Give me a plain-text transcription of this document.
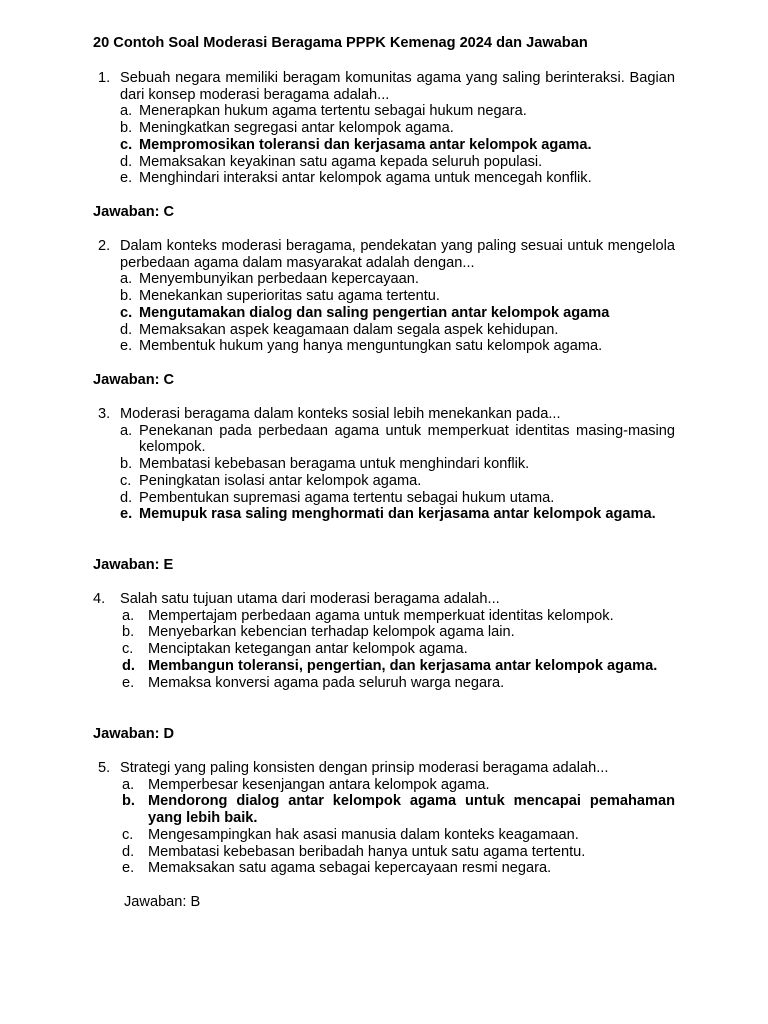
20 Contoh Soal Moderasi Beragama PPPK Kemenag 2024 dan Jawaban
1. Sebuah negara memiliki beragam komunitas agama yang saling berinteraksi. Bagian dari konsep moderasi beragama adalah...
a. Menerapkan hukum agama tertentu sebagai hukum negara.
b. Meningkatkan segregasi antar kelompok agama.
c. Mempromosikan toleransi dan kerjasama antar kelompok agama.
d. Memaksakan keyakinan satu agama kepada seluruh populasi.
e. Menghindari interaksi antar kelompok agama untuk mencegah konflik.
Jawaban: C
2. Dalam konteks moderasi beragama, pendekatan yang paling sesuai untuk mengelola perbedaan agama dalam masyarakat adalah dengan...
a. Menyembunyikan perbedaan kepercayaan.
b. Menekankan superioritas satu agama tertentu.
c. Mengutamakan dialog dan saling pengertian antar kelompok agama
d. Memaksakan aspek keagamaan dalam segala aspek kehidupan.
e. Membentuk hukum yang hanya menguntungkan satu kelompok agama.
Jawaban: C
3. Moderasi beragama dalam konteks sosial lebih menekankan pada...
a. Penekanan pada perbedaan agama untuk memperkuat identitas masing-masing kelompok.
b. Membatasi kebebasan beragama untuk menghindari konflik.
c. Peningkatan isolasi antar kelompok agama.
d. Pembentukan supremasi agama tertentu sebagai hukum utama.
e. Memupuk rasa saling menghormati dan kerjasama antar kelompok agama.
Jawaban: E
4. Salah satu tujuan utama dari moderasi beragama adalah...
a. Mempertajam perbedaan agama untuk memperkuat identitas kelompok.
b. Menyebarkan kebencian terhadap kelompok agama lain.
c. Menciptakan ketegangan antar kelompok agama.
d. Membangun toleransi, pengertian, dan kerjasama antar kelompok agama.
e. Memaksa konversi agama pada seluruh warga negara.
Jawaban: D
5. Strategi yang paling konsisten dengan prinsip moderasi beragama adalah...
a. Memperbesar kesenjangan antara kelompok agama.
b. Mendorong dialog antar kelompok agama untuk mencapai pemahaman yang lebih baik.
c. Mengesampingkan hak asasi manusia dalam konteks keagamaan.
d. Membatasi kebebasan beribadah hanya untuk satu agama tertentu.
e. Memaksakan satu agama sebagai kepercayaan resmi negara.
Jawaban: B
